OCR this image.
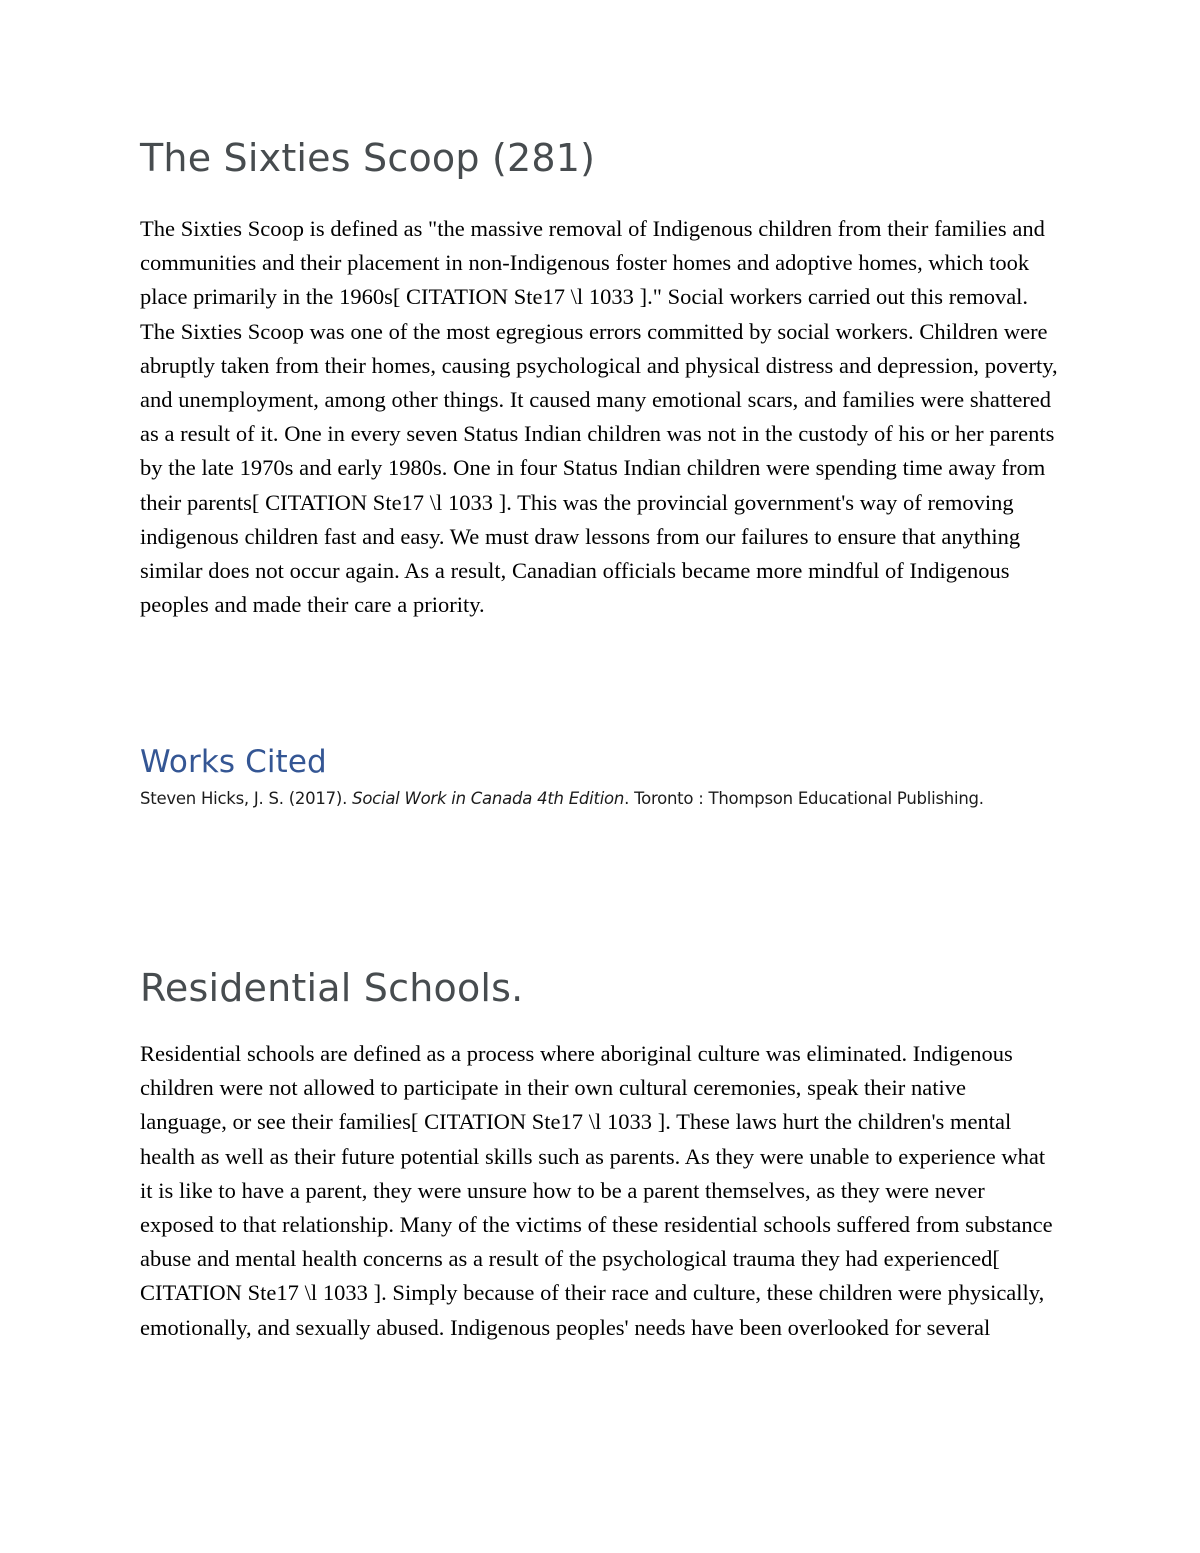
The Sixties Scoop (281)

The Sixties Scoop is defined as "the massive removal of Indigenous children from their families and communities and their placement in non-Indigenous foster homes and adoptive homes, which took place primarily in the 1960s[ CITATION Ste17 \l 1033 ]." Social workers carried out this removal. The Sixties Scoop was one of the most egregious errors committed by social workers. Children were abruptly taken from their homes, causing psychological and physical distress and depression, poverty, and unemployment, among other things. It caused many emotional scars, and families were shattered as a result of it. One in every seven Status Indian children was not in the custody of his or her parents by the late 1970s and early 1980s. One in four Status Indian children were spending time away from their parents[ CITATION Ste17 \l 1033 ]. This was the provincial government's way of removing indigenous children fast and easy. We must draw lessons from our failures to ensure that anything similar does not occur again. As a result, Canadian officials became more mindful of Indigenous peoples and made their care a priority.

Works Cited

Steven Hicks, J. S. (2017). Social Work in Canada 4th Edition. Toronto : Thompson Educational Publishing.

Residential Schools.

Residential schools are defined as a process where aboriginal culture was eliminated. Indigenous children were not allowed to participate in their own cultural ceremonies, speak their native language, or see their families[ CITATION Ste17 \l 1033 ]. These laws hurt the children's mental health as well as their future potential skills such as parents. As they were unable to experience what it is like to have a parent, they were unsure how to be a parent themselves, as they were never exposed to that relationship. Many of the victims of these residential schools suffered from substance abuse and mental health concerns as a result of the psychological trauma they had experienced[ CITATION Ste17 \l 1033 ]. Simply because of their race and culture, these children were physically, emotionally, and sexually abused. Indigenous peoples' needs have been overlooked for several
